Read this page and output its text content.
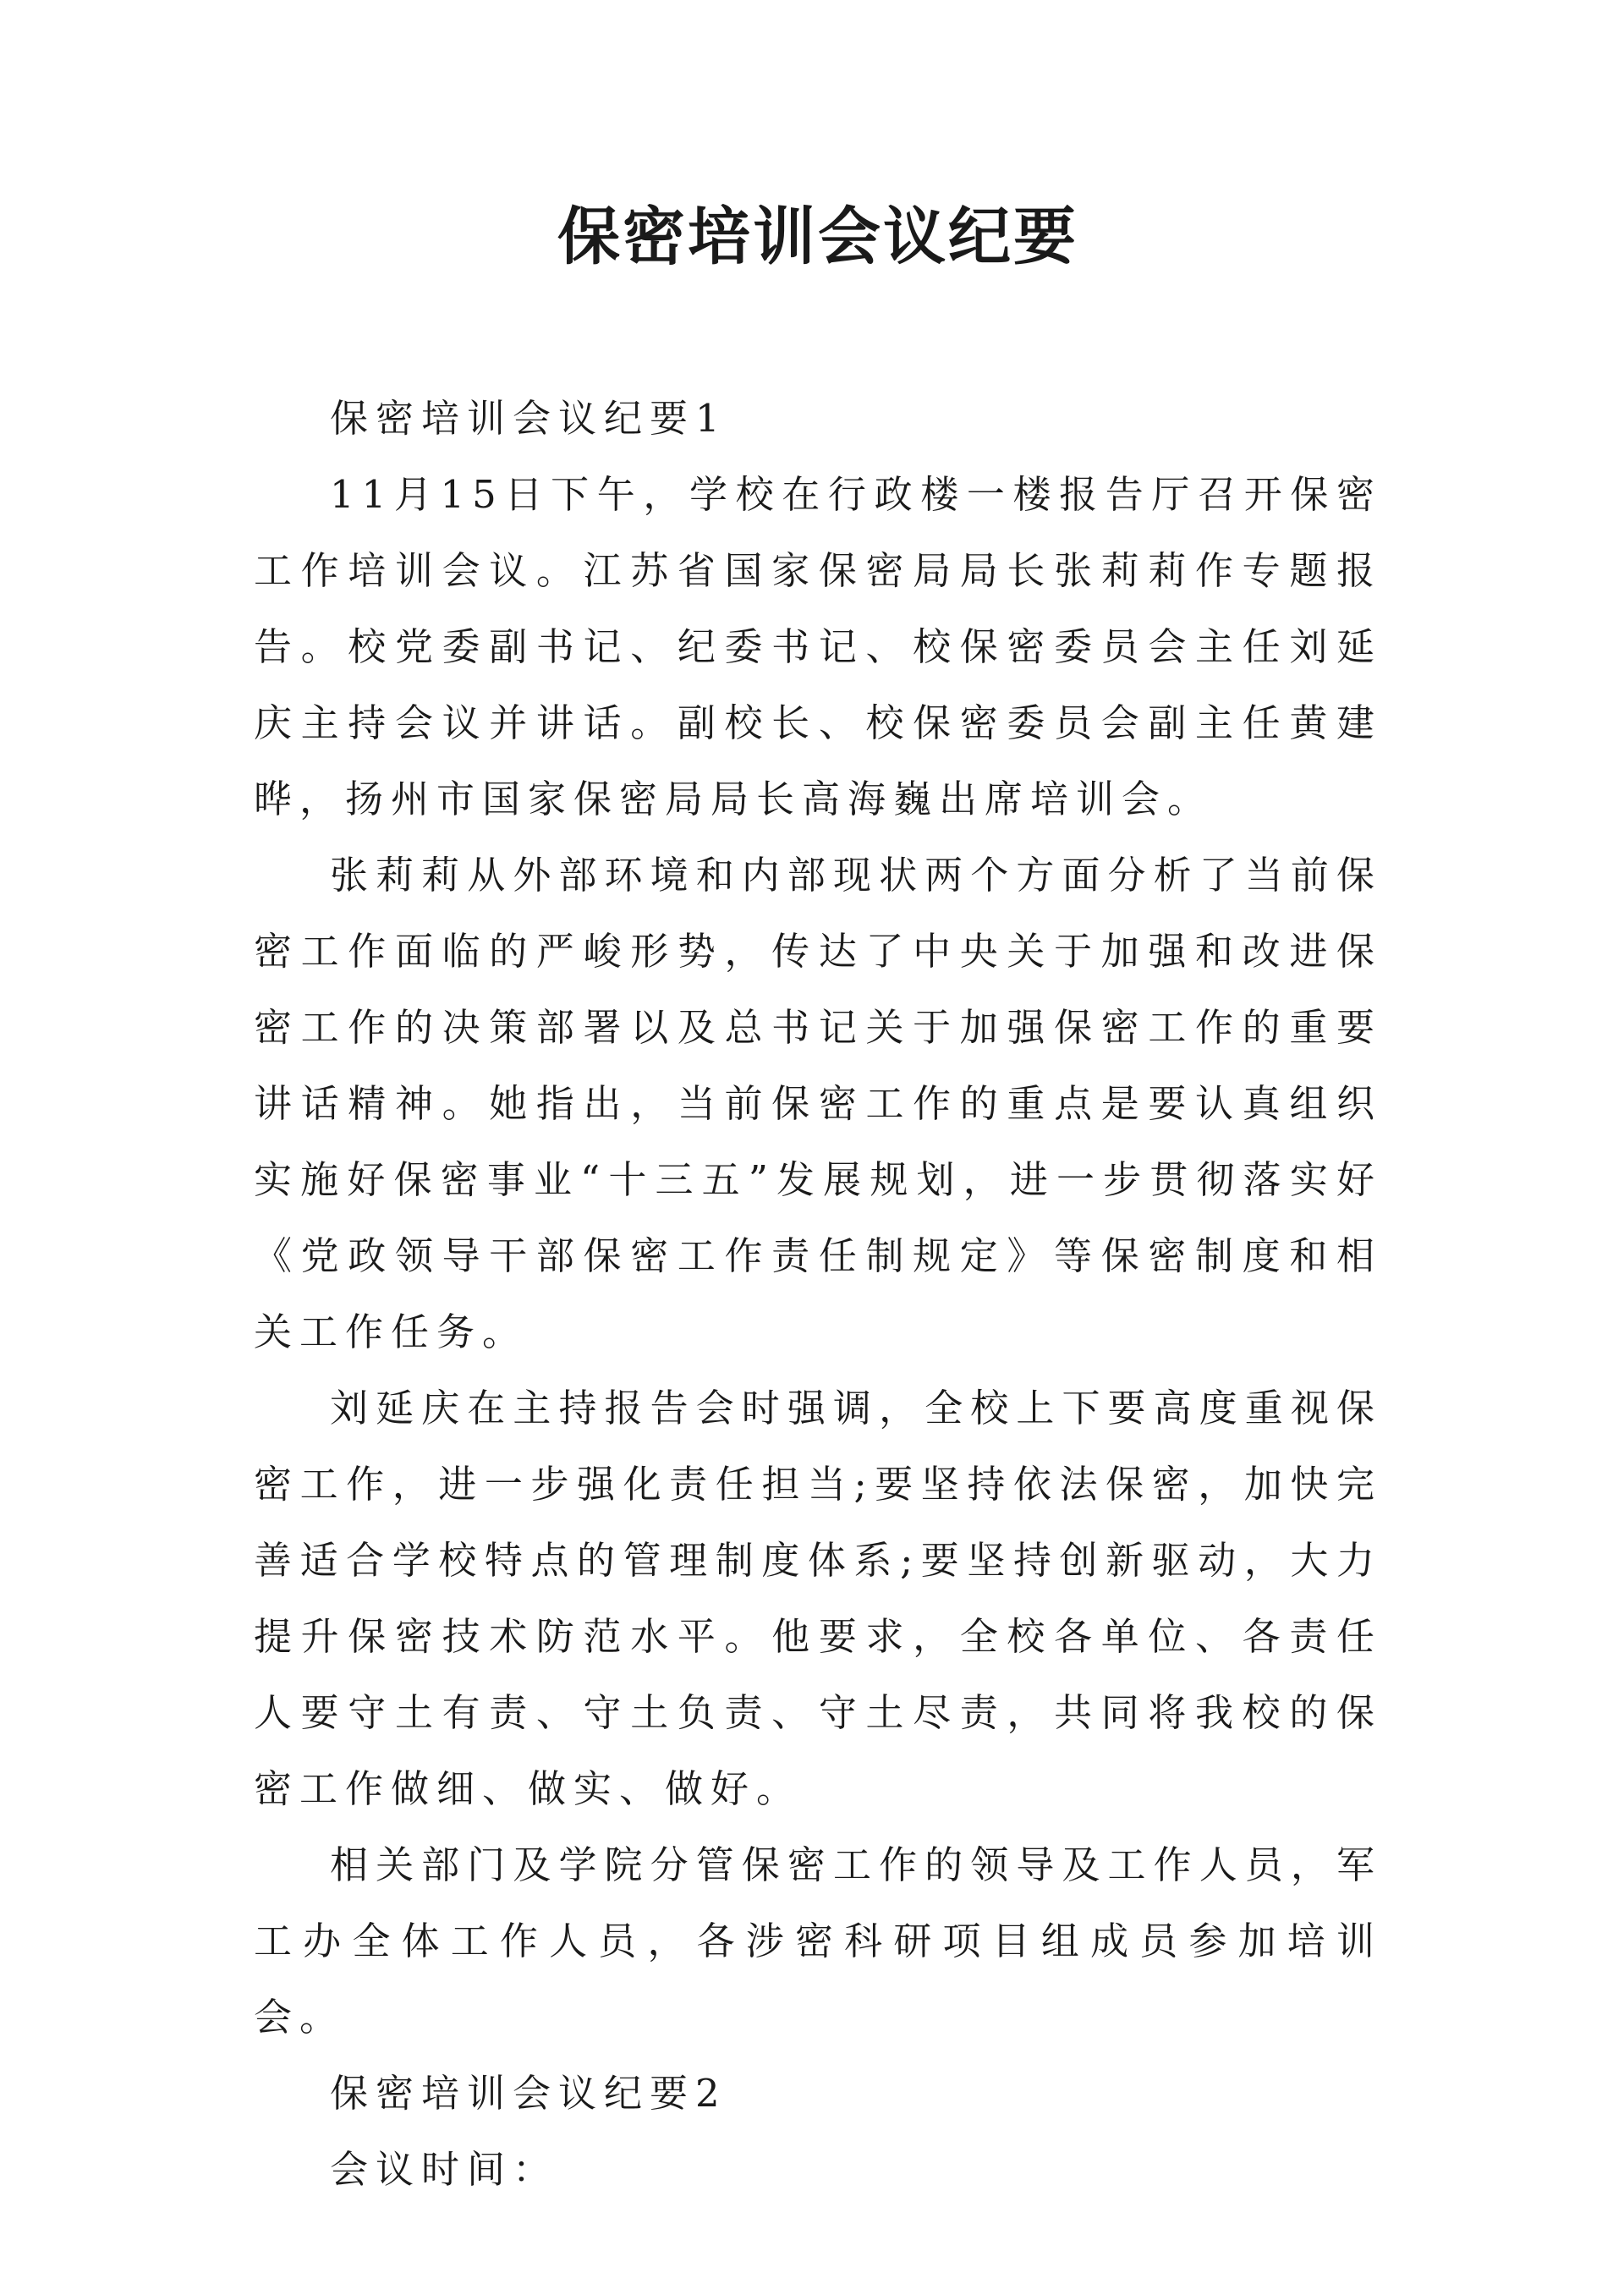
保密培训会议纪要

保密培训会议纪要1

11月15日下午，学校在行政楼一楼报告厅召开保密工作培训会议。江苏省国家保密局局长张莉莉作专题报告。校党委副书记、纪委书记、校保密委员会主任刘延庆主持会议并讲话。副校长、校保密委员会副主任黄建晔，扬州市国家保密局局长高海巍出席培训会。

张莉莉从外部环境和内部现状两个方面分析了当前保密工作面临的严峻形势，传达了中央关于加强和改进保密工作的决策部署以及总书记关于加强保密工作的重要讲话精神。她指出，当前保密工作的重点是要认真组织实施好保密事业“十三五”发展规划，进一步贯彻落实好《党政领导干部保密工作责任制规定》等保密制度和相关工作任务。

刘延庆在主持报告会时强调，全校上下要高度重视保密工作，进一步强化责任担当;要坚持依法保密，加快完善适合学校特点的管理制度体系;要坚持创新驱动，大力提升保密技术防范水平。他要求，全校各单位、各责任人要守土有责、守土负责、守土尽责，共同将我校的保密工作做细、做实、做好。

相关部门及学院分管保密工作的领导及工作人员，军工办全体工作人员，各涉密科研项目组成员参加培训会。

保密培训会议纪要2

会议时间：
